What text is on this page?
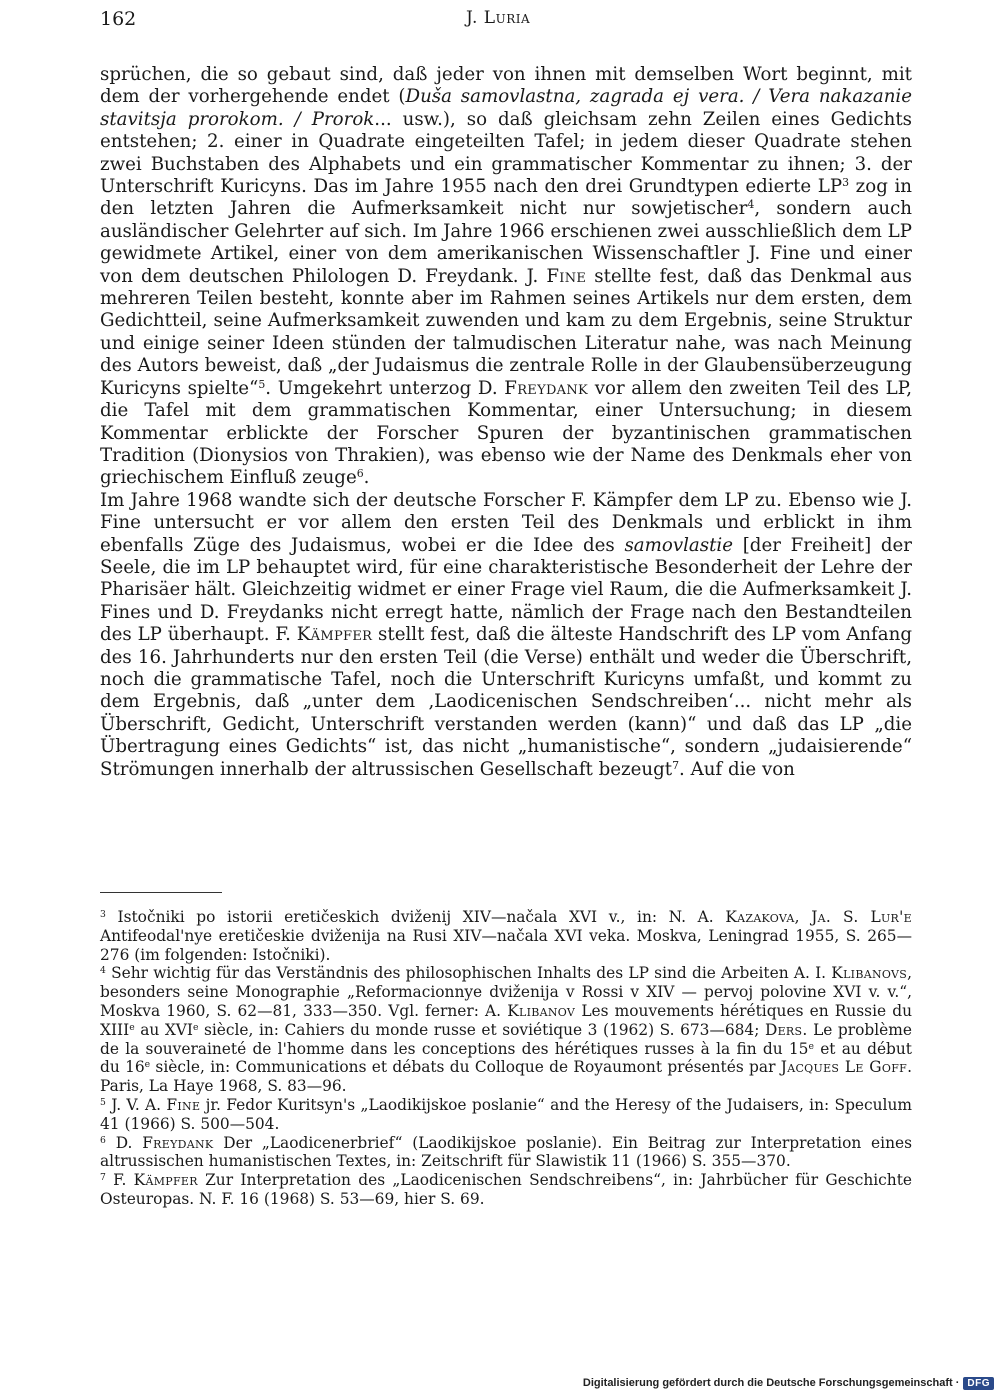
162	J. Luria

sprüchen, die so gebaut sind, daß jeder von ihnen mit demselben Wort beginnt, mit dem der vorhergehende endet (Duša samovlastna, zagrada ej vera. / Vera nakazanie stavitsja prorokom. / Prorok... usw.), so daß gleichsam zehn Zeilen eines Gedichts entstehen; 2. einer in Quadrate eingeteilten Tafel; in jedem dieser Quadrate stehen zwei Buchstaben des Alphabets und ein grammatischer Kommentar zu ihnen; 3. der Unterschrift Kuricyns. Das im Jahre 1955 nach den drei Grundtypen edierte $LP^3$ zog in den letzten Jahren die Aufmerksamkeit nicht nur sowjetischer$^4$, sondern auch ausländischer Gelehrter auf sich. Im Jahre 1966 erschienen zwei ausschließlich dem LP gewidmete Artikel, einer von dem amerikanischen Wissenschaftler J. Fine und einer von dem deutschen Philologen D. Freydank. J. Fine stellte fest, daß das Denkmal aus mehreren Teilen besteht, konnte aber im Rahmen seines Artikels nur dem ersten, dem Gedichtteil, seine Aufmerksamkeit zuwenden und kam zu dem Ergebnis, seine Struktur und einige seiner Ideen stünden der talmudischen Literatur nahe, was nach Meinung des Autors beweist, daß „der Judaismus die zentrale Rolle in der Glaubensüberzeugung Kuricyns spielte“$^5$. Umgekehrt unterzog D. Freydank vor allem den zweiten Teil des LP, die Tafel mit dem grammatischen Kommentar, einer Untersuchung; in diesem Kommentar erblickte der Forscher Spuren der byzantinischen grammatischen Tradition (Dionysios von Thrakien), was ebenso wie der Name des Denkmals eher von griechischem Einfluß zeuge$^6$.

Im Jahre 1968 wandte sich der deutsche Forscher F. Kämpfer dem LP zu. Ebenso wie J. Fine untersucht er vor allem den ersten Teil des Denkmals und erblickt in ihm ebenfalls Züge des Judaismus, wobei er die Idee des samovlastie [der Freiheit] der Seele, die im LP behauptet wird, für eine charakteristische Besonderheit der Lehre der Pharisäer hält. Gleichzeitig widmet er einer Frage viel Raum, die die Aufmerksamkeit J. Fines und D. Freydanks nicht erregt hatte, nämlich der Frage nach den Bestandteilen des LP überhaupt. F. Kämpfer stellt fest, daß die älteste Handschrift des LP vom Anfang des 16. Jahrhunderts nur den ersten Teil (die Verse) enthält und weder die Überschrift, noch die grammatische Tafel, noch die Unterschrift Kuricyns umfaßt, und kommt zu dem Ergebnis, daß „unter dem ‚Laodicenischen Sendschreiben‘... nicht mehr als Überschrift, Gedicht, Unterschrift verstanden werden (kann)“ und daß das LP „die Übertragung eines Gedichts“ ist, das nicht „humanistische“, sondern „judaisierende“ Strömungen innerhalb der altrussischen Gesellschaft bezeugt$^7$. Auf die von

$^3$ Istočniki po istorii eretičeskich dviženij XIV—načala XVI v., in: N. A. Kazakova, Ja. S. Lur'e Antifeodal'nye eretičeskie dviženija na Rusi XIV—načala XVI veka. Moskva, Leningrad 1955, S. 265—276 (im folgenden: Istočniki).

$^4$ Sehr wichtig für das Verständnis des philosophischen Inhalts des LP sind die Arbeiten A. I. Klibanovs, besonders seine Monographie „Reformacionnye dviženija v Rossi v XIV — pervoj polovine XVI v. v.“, Moskva 1960, S. 62—81, 333—350. Vgl. ferner: A. Klibanov Les mouvements hérétiques en Russie du XIIIe au XVIe siècle, in: Cahiers du monde russe et soviétique 3 (1962) S. 673—684; Ders. Le problème de la souveraineté de l'homme dans les conceptions des hérétiques russes à la fin du 15e et au début du 16e siècle, in: Communications et débats du Colloque de Royaumont présentés par Jacques Le Goff. Paris, La Haye 1968, S. 83—96.

$^5$ J. V. A. Fine jr. Fedor Kuritsyn's „Laodikijskoe poslanie“ and the Heresy of the Judaisers, in: Speculum 41 (1966) S. 500—504.

$^6$ D. Freydank Der „Laodicenerbrief“ (Laodikijskoe poslanie). Ein Beitrag zur Interpretation eines altrussischen humanistischen Textes, in: Zeitschrift für Slawistik 11 (1966) S. 355—370.

$^7$ F. Kämpfer Zur Interpretation des „Laodicenischen Sendschreibens“, in: Jahrbücher für Geschichte Osteuropas. N. F. 16 (1968) S. 53—69, hier S. 69.

Digitalisierung gefördert durch die Deutsche Forschungsgemeinschaft · DFG
